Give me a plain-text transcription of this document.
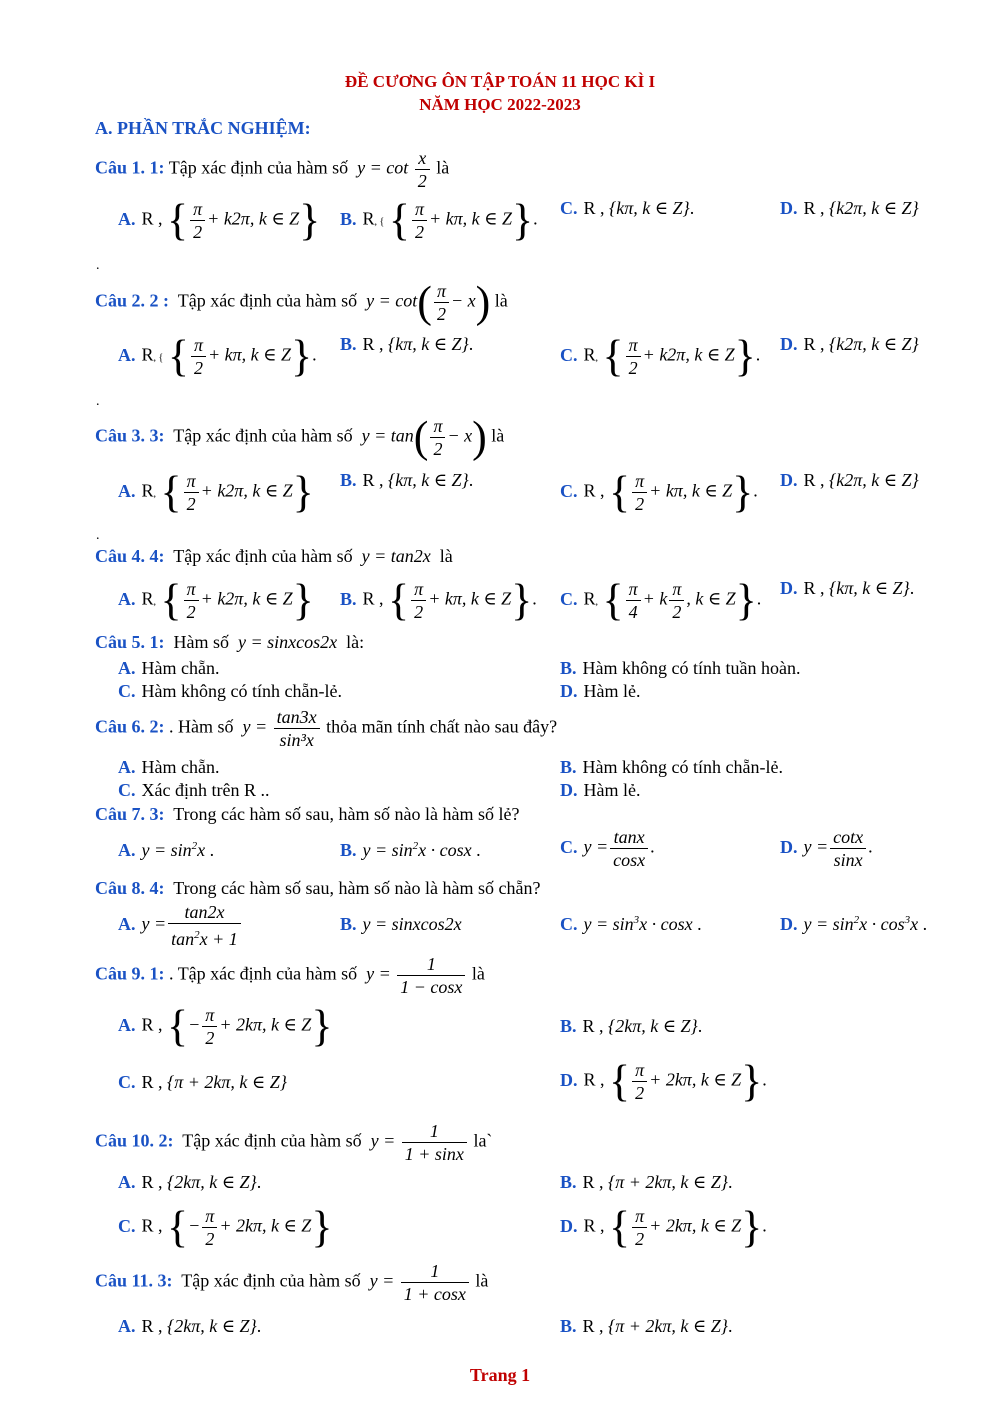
ĐỀ CƯƠNG ÔN TẬP TOÁN 11 HỌC KÌ I
NĂM HỌC 2022-2023
A. PHẦN TRẮC NGHIỆM:
Câu 1. 1: Tập xác định của hàm số $y = \cot \frac{x}{2}$ là
A. R , { $\frac{\pi}{2} + k2\pi$, k ∈ Z} B. R, { { $\frac{\pi}{2} + k\pi$, k ∈ Z}.
C. R , {kπ, k ∈ Z}.	D. R , {k2π, k ∈ Z}
.
Câu 2. 2 : Tập xác định của hàm số $y = \cot( \frac{\pi}{2} - x)$ là
A. R, { { $\frac{\pi}{2} + k\pi$, k ∈ Z}.
B. R , {kπ, k ∈ Z}.
C. R, { $\frac{\pi}{2} + k2\pi$, k ∈ Z}.
D. R , {k2π, k ∈ Z}
.
Câu 3. 3: Tập xác định của hàm số $y = \tan( \frac{\pi}{2} - x)$ là
A. R, { $\frac{\pi}{2} + k2\pi$, k ∈ Z} B. R , {kπ, k ∈ Z}.
C. R , { $\frac{\pi}{2} + k\pi$, k ∈ Z}.
D. R , {k2π, k ∈ Z}
.
Câu 4. 4: Tập xác định của hàm số y = tan2x là
A. R, { $\frac{\pi}{2} + k2\pi$, k ∈ Z} B. R , { $\frac{\pi}{2} + k\pi$, k ∈ Z}. C. R, { $\frac{\pi}{4} + k \frac{\pi}{2}$ , k ∈ Z}.
D. R , {kπ, k ∈ Z}.
Câu 5. 1: Hàm số y = sinxcos2x là:
A. Hàm chẵn.	B. Hàm không có tính tuần hoàn.
C. Hàm không có tính chẵn-lẻ.	D. Hàm lẻ.
Câu 6. 2: . Hàm số $y = \frac{\tan 3x}{\text{sin³x}}$ thỏa mãn tính chất nào sau đây?
A. Hàm chẵn.	B. Hàm không có tính chẵn-lẻ.
C. Xác định trên R ..	D. Hàm lẻ.
Câu 7. 3: Trong các hàm số sau, hàm số nào là hàm số lẻ?
A. $y = \sin^2x$ .	B. $y = \sin^2x \cdot \cos x$ .	C. $y = \frac{\tan x}{\cos x}$ .	D. $y = \frac{\cot x}{\sin x}$ .
Câu 8. 4: Trong các hàm số sau, hàm số nào là hàm số chẵn?
A. $y = \frac{\tan 2x}{\tan^2x + 1}$	B. y = sinxcos2x	C. $y = \sin^3x \cdot \cos x$ .	D. $y = \sin^2x \cdot \cos^3x$ .
Câu 9. 1: . Tập xác định của hàm số $y = \frac{1}{1 - \cos x}$ là
A. R , {− $\frac{\pi}{2} + 2k\pi$, k ∈ Z}	B. R , {2kπ, k ∈ Z}.
C. R , {π + 2kπ, k ∈ Z}	D. R , { $\frac{\pi}{2} + 2k\pi$, k ∈ Z}.
Câu 10. 2: Tập xác định của hàm số $y = \frac{1}{1 + \sin x}$ la`
A. R , {2kπ, k ∈ Z}.	B. R , {π + 2kπ, k ∈ Z}.
C. R , {− $\frac{\pi}{2} + 2k\pi$, k ∈ Z}	D. R , { $\frac{\pi}{2} + 2k\pi$, k ∈ Z}.
Câu 11. 3: Tập xác định của hàm số $y = \frac{1}{1 + \cos x}$ là
A. R , {2kπ, k ∈ Z}.	B. R , {π + 2kπ, k ∈ Z}.
Trang 1
